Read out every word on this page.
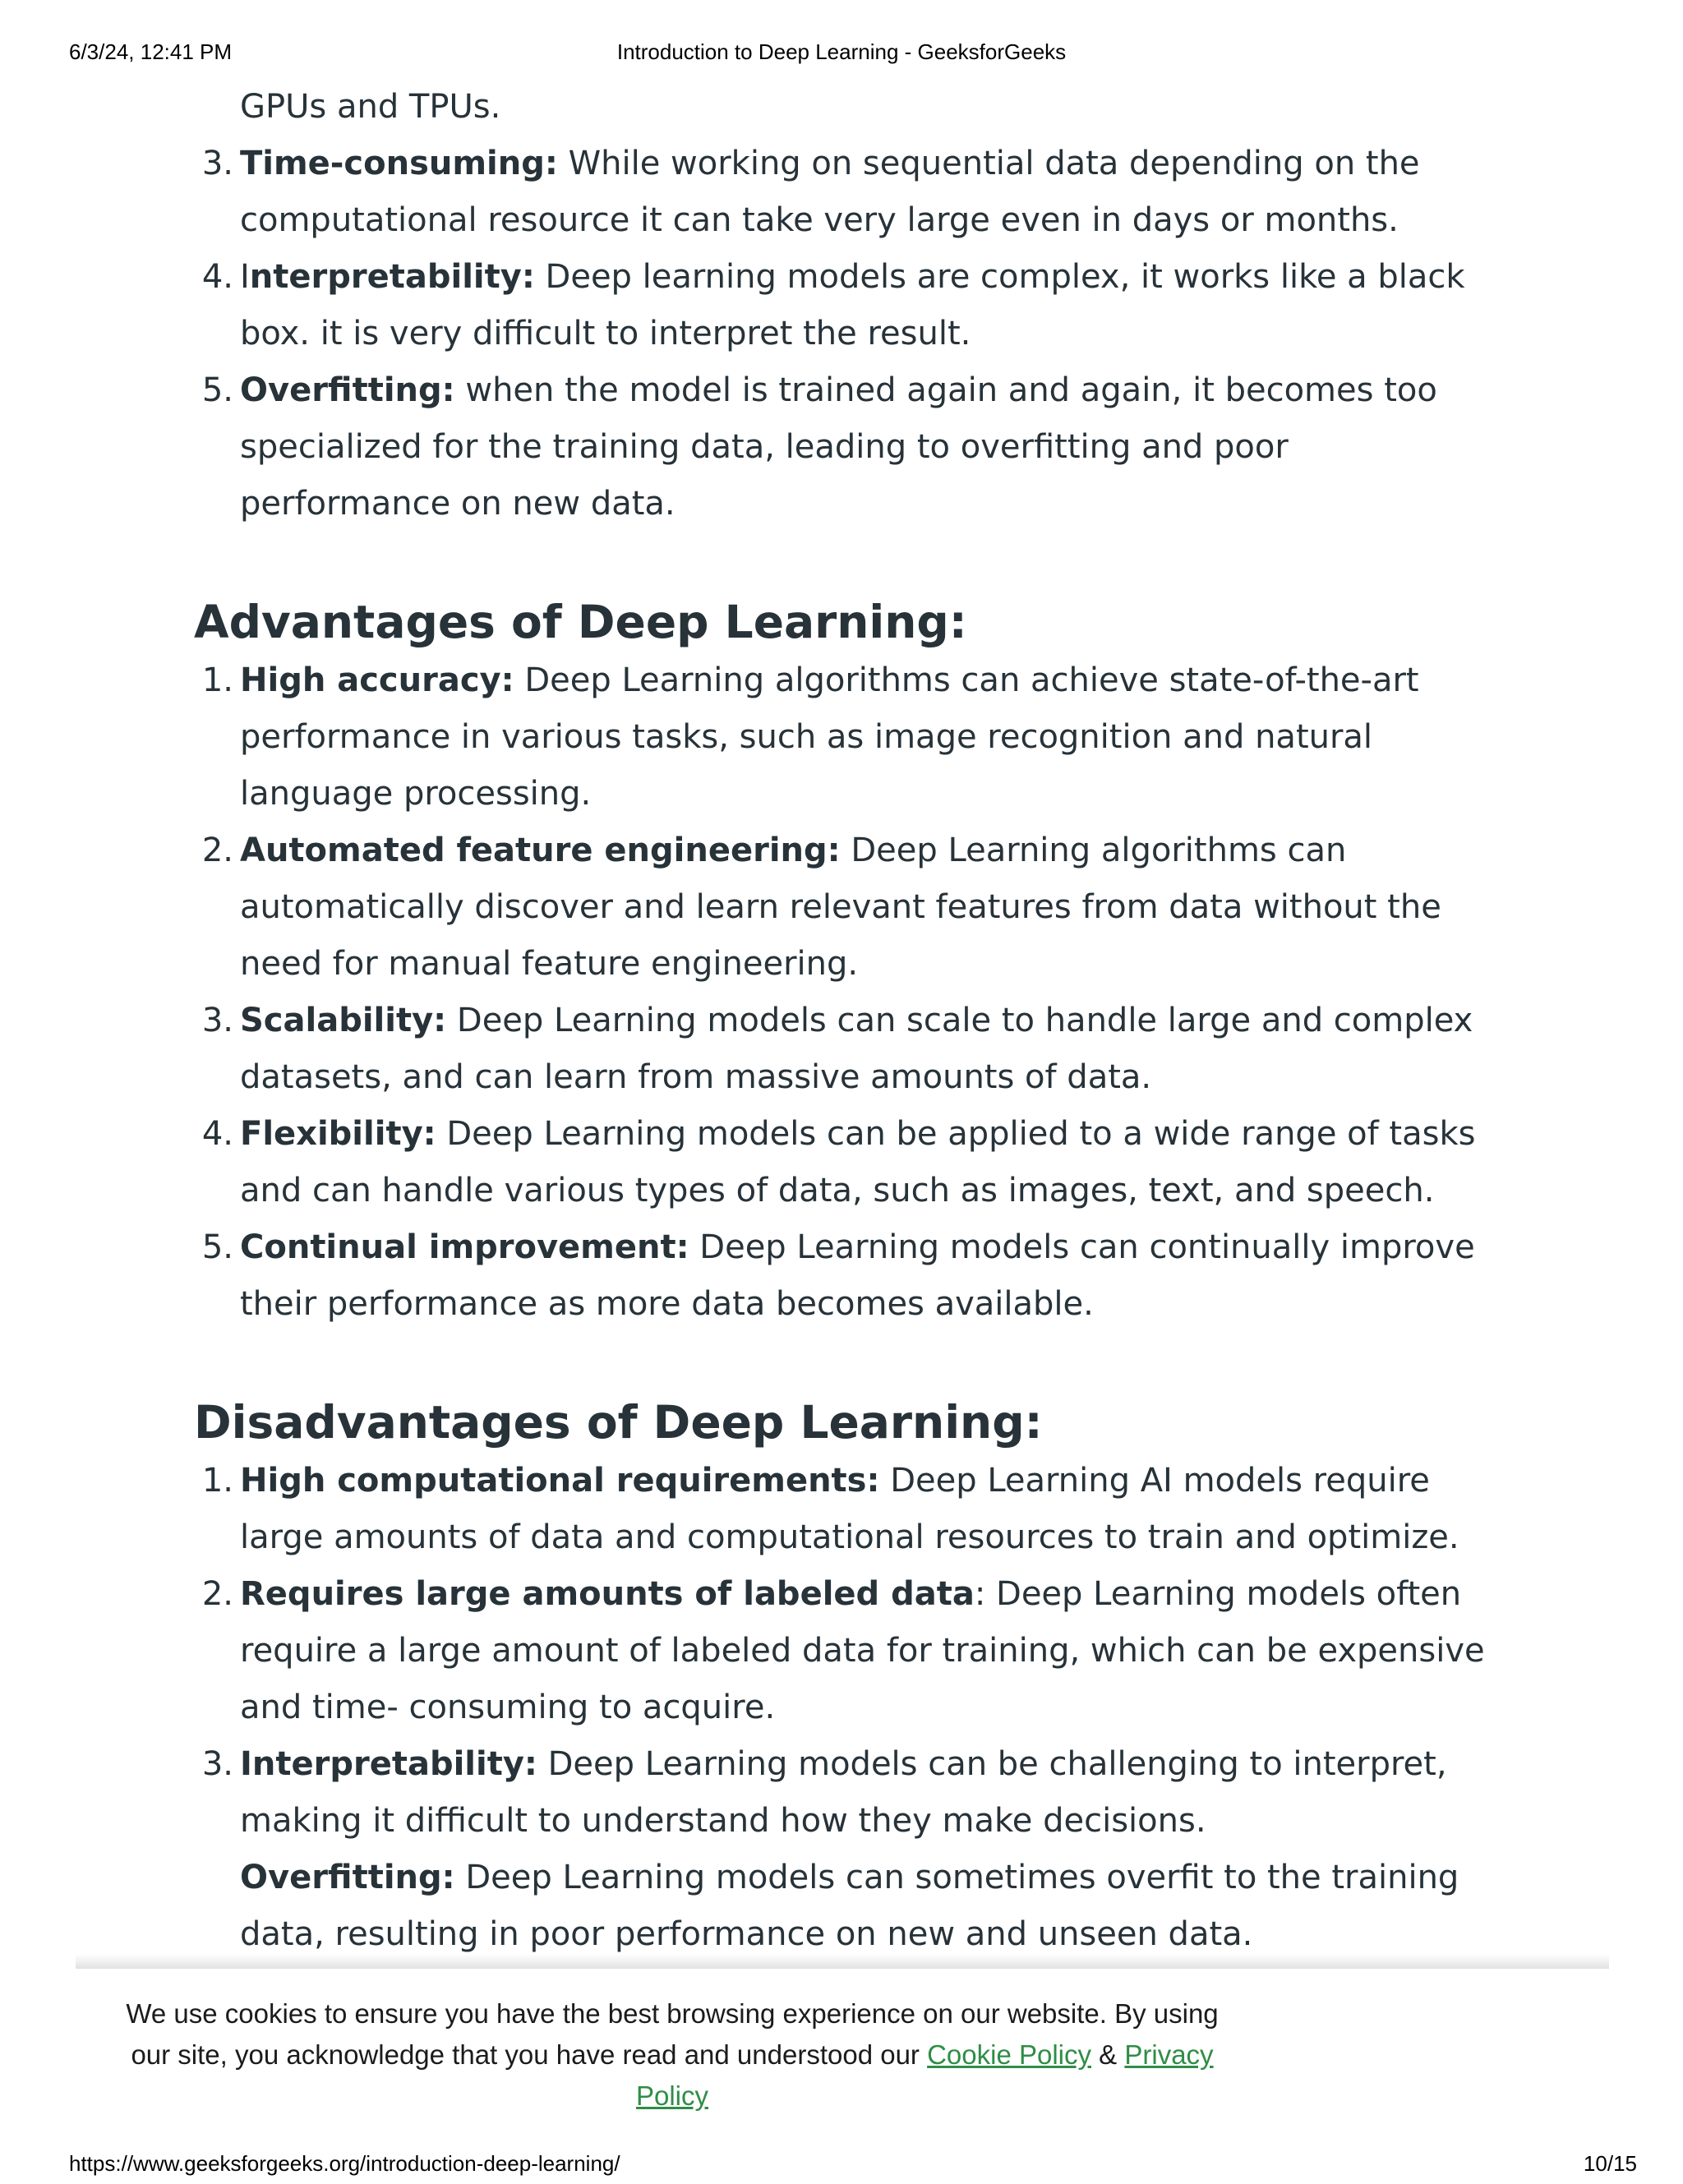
6/3/24, 12:41 PM	Introduction to Deep Learning - GeeksforGeeks

GPUs and TPUs.

3. Time-consuming: While working on sequential data depending on the computational resource it can take very large even in days or months.
4. Interpretability: Deep learning models are complex, it works like a black box. it is very difficult to interpret the result.
5. Overfitting: when the model is trained again and again, it becomes too specialized for the training data, leading to overfitting and poor performance on new data.
Advantages of Deep Learning:
1. High accuracy: Deep Learning algorithms can achieve state-of-the-art performance in various tasks, such as image recognition and natural language processing.
2. Automated feature engineering: Deep Learning algorithms can automatically discover and learn relevant features from data without the need for manual feature engineering.
3. Scalability: Deep Learning models can scale to handle large and complex datasets, and can learn from massive amounts of data.
4. Flexibility: Deep Learning models can be applied to a wide range of tasks and can handle various types of data, such as images, text, and speech.
5. Continual improvement: Deep Learning models can continually improve their performance as more data becomes available.
Disadvantages of Deep Learning:
1. High computational requirements: Deep Learning AI models require large amounts of data and computational resources to train and optimize.
2. Requires large amounts of labeled data: Deep Learning models often require a large amount of labeled data for training, which can be expensive and time- consuming to acquire.
3. Interpretability: Deep Learning models can be challenging to interpret, making it difficult to understand how they make decisions.

Overfitting: Deep Learning models can sometimes overfit to the training data, resulting in poor performance on new and unseen data.

We use cookies to ensure you have the best browsing experience on our website. By using our site, you acknowledge that you have read and understood our Cookie Policy & Privacy Policy
https://www.geeksforgeeks.org/introduction-deep-learning/	10/15
